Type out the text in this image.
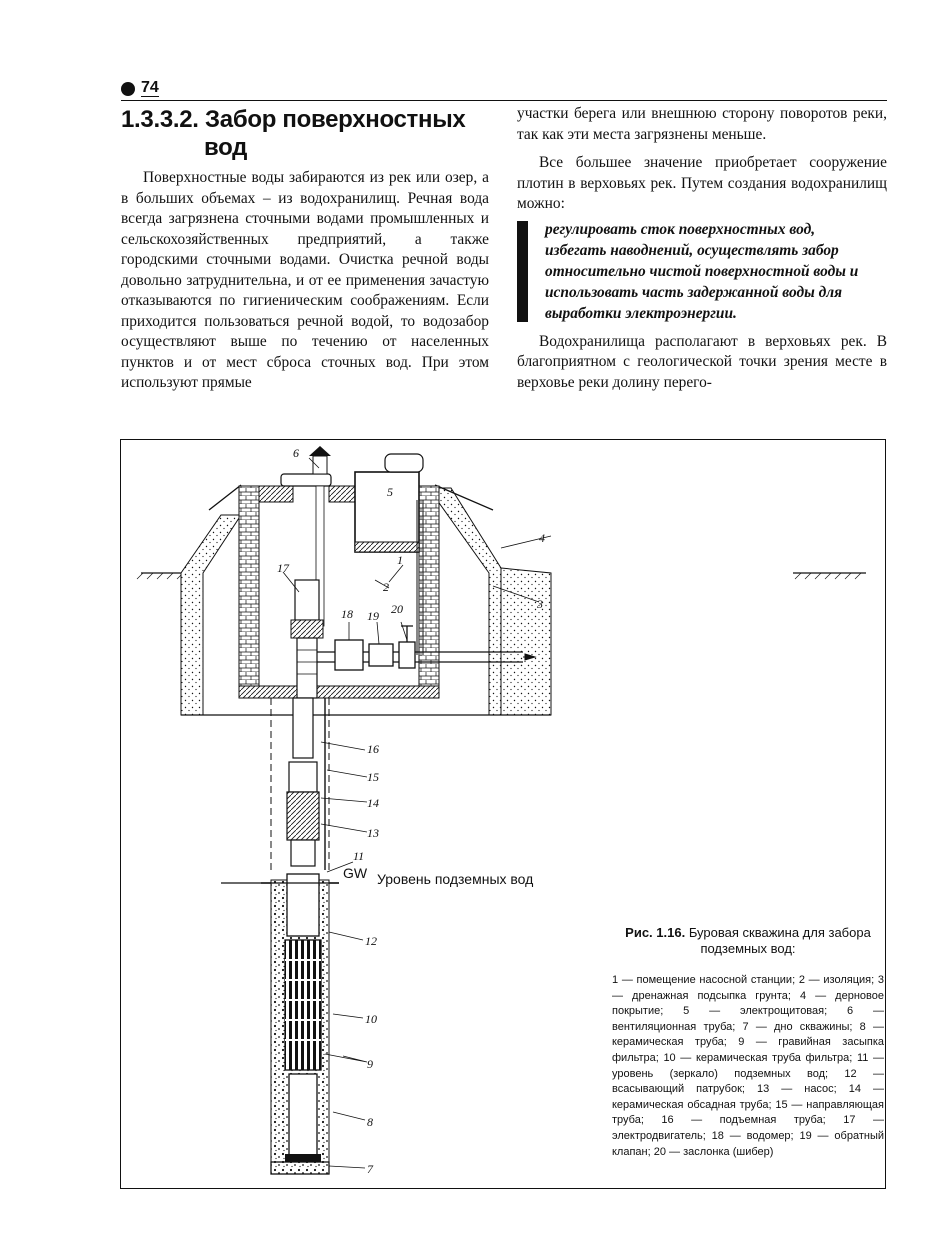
74
1.3.3.2. Забор поверхностных
вод

Поверхностные воды забираются из рек или озер, а в больших объемах – из водохранилищ. Речная вода всегда загрязнена сточными водами промышленных и сельскохозяйственных предприятий, а также городскими сточными водами. Очистка речной воды довольно затруднительна, и от ее применения зачастую отказываются по гигиеническим соображениям. Если приходится пользоваться речной водой, то водозабор осуществляют выше по течению от населенных пунктов и от мест сброса сточных вод. При этом используют прямые

участки берега или внешнюю сторону поворотов реки, так как эти места загрязнены меньше.

Все большее значение приобретает сооружение плотин в верховьях рек. Путем создания водохранилищ можно:

регулировать сток поверхностных вод, избегать наводнений, осуществлять забор относительно чистой поверхностной воды и использовать часть задержанной воды для выработки электроэнергии.

Водохранилища располагают в верховьях рек. В благоприятном с геологической точки зрения месте в верховье реки долину перего-

6
5
4
3
1
2
17
18 19 20
16
15
14
13
11
12
10
9
8
7
GW Уровень подземных вод
Рис. 1.16. Буровая скважина для забора подземных вод:
1 — помещение насосной станции; 2 — изоляция; 3 — дренажная подсыпка грунта; 4 — дерновое покрытие; 5 — электрощитовая; 6 — вентиляционная труба; 7 — дно скважины; 8 — керамическая труба; 9 — гравийная засыпка фильтра; 10 — керамическая труба фильтра; 11 — уровень (зеркало) подземных вод; 12 — всасывающий патрубок; 13 — насос; 14 — керамическая обсадная труба; 15 — направляющая труба; 16 — подъемная труба; 17 — электродвигатель; 18 — водомер; 19 — обратный клапан; 20 — заслонка (шибер)
